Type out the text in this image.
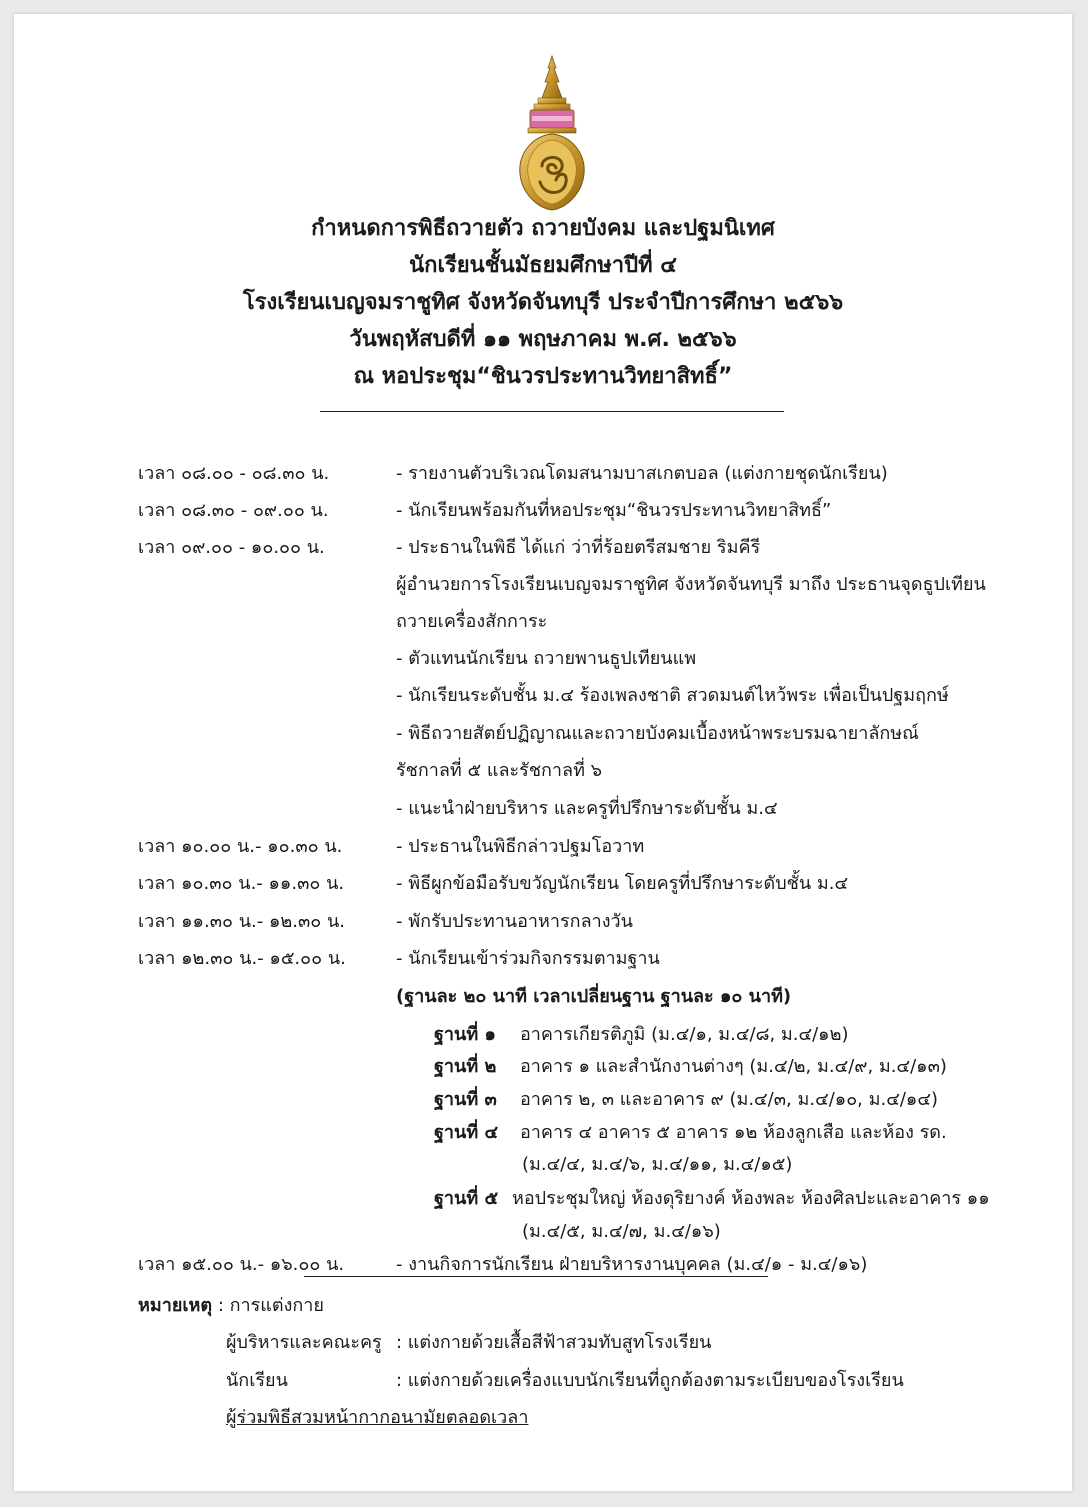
กำหนดการพิธีถวายตัว ถวายบังคม และปฐมนิเทศ
นักเรียนชั้นมัธยมศึกษาปีที่ ๔
โรงเรียนเบญจมราชูทิศ จังหวัดจันทบุรี ประจำปีการศึกษา ๒๕๖๖
วันพฤหัสบดีที่ ๑๑ พฤษภาคม พ.ศ. ๒๕๖๖
ณ หอประชุม“ชินวรประทานวิทยาสิทธิ์”
เวลา ๐๘.๐๐ - ๐๘.๓๐ น.	- รายงานตัวบริเวณโดมสนามบาสเกตบอล (แต่งกายชุดนักเรียน)
เวลา ๐๘.๓๐ - ๐๙.๐๐ น.	- นักเรียนพร้อมกันที่หอประชุม“ชินวรประทานวิทยาสิทธิ์”
เวลา ๐๙.๐๐ - ๑๐.๐๐ น.	- ประธานในพิธี ได้แก่ ว่าที่ร้อยตรีสมชาย ริมคีรี
ผู้อำนวยการโรงเรียนเบญจมราชูทิศ จังหวัดจันทบุรี มาถึง ประธานจุดธูปเทียน
ถวายเครื่องสักการะ
- ตัวแทนนักเรียน ถวายพานธูปเทียนแพ
- นักเรียนระดับชั้น ม.๔ ร้องเพลงชาติ สวดมนต์ไหว้พระ เพื่อเป็นปฐมฤกษ์
- พิธีถวายสัตย์ปฏิญาณและถวายบังคมเบื้องหน้าพระบรมฉายาลักษณ์
รัชกาลที่ ๕ และรัชกาลที่ ๖
- แนะนำฝ่ายบริหาร และครูที่ปรึกษาระดับชั้น ม.๔
เวลา ๑๐.๐๐ น.- ๑๐.๓๐ น.	- ประธานในพิธีกล่าวปฐมโอวาท
เวลา ๑๐.๓๐ น.- ๑๑.๓๐ น.	- พิธีผูกข้อมือรับขวัญนักเรียน โดยครูที่ปรึกษาระดับชั้น ม.๔
เวลา ๑๑.๓๐ น.- ๑๒.๓๐ น.	- พักรับประทานอาหารกลางวัน
เวลา ๑๒.๓๐ น.- ๑๕.๐๐ น.	- นักเรียนเข้าร่วมกิจกรรมตามฐาน
(ฐานละ ๒๐ นาที เวลาเปลี่ยนฐาน ฐานละ ๑๐ นาที)
ฐานที่ ๑ อาคารเกียรติภูมิ (ม.๔/๑, ม.๔/๘, ม.๔/๑๒)
ฐานที่ ๒ อาคาร ๑ และสำนักงานต่างๆ (ม.๔/๒, ม.๔/๙, ม.๔/๑๓)
ฐานที่ ๓ อาคาร ๒, ๓ และอาคาร ๙ (ม.๔/๓, ม.๔/๑๐, ม.๔/๑๔)
ฐานที่ ๔ อาคาร ๔ อาคาร ๕ อาคาร ๑๒ ห้องลูกเสือ และห้อง รด.
(ม.๔/๔, ม.๔/๖, ม.๔/๑๑, ม.๔/๑๕)
ฐานที่ ๕ หอประชุมใหญ่ ห้องดุริยางค์ ห้องพละ ห้องศิลปะและอาคาร ๑๑
(ม.๔/๕, ม.๔/๗, ม.๔/๑๖)
เวลา ๑๕.๐๐ น.- ๑๖.๐๐ น.	- งานกิจการนักเรียน ฝ่ายบริหารงานบุคคล (ม.๔/๑ - ม.๔/๑๖)
หมายเหตุ : การแต่งกาย
ผู้บริหารและคณะครู : แต่งกายด้วยเสื้อสีฟ้าสวมทับสูทโรงเรียน
นักเรียน	: แต่งกายด้วยเครื่องแบบนักเรียนที่ถูกต้องตามระเบียบของโรงเรียน
ผู้ร่วมพิธีสวมหน้ากากอนามัยตลอดเวลา
